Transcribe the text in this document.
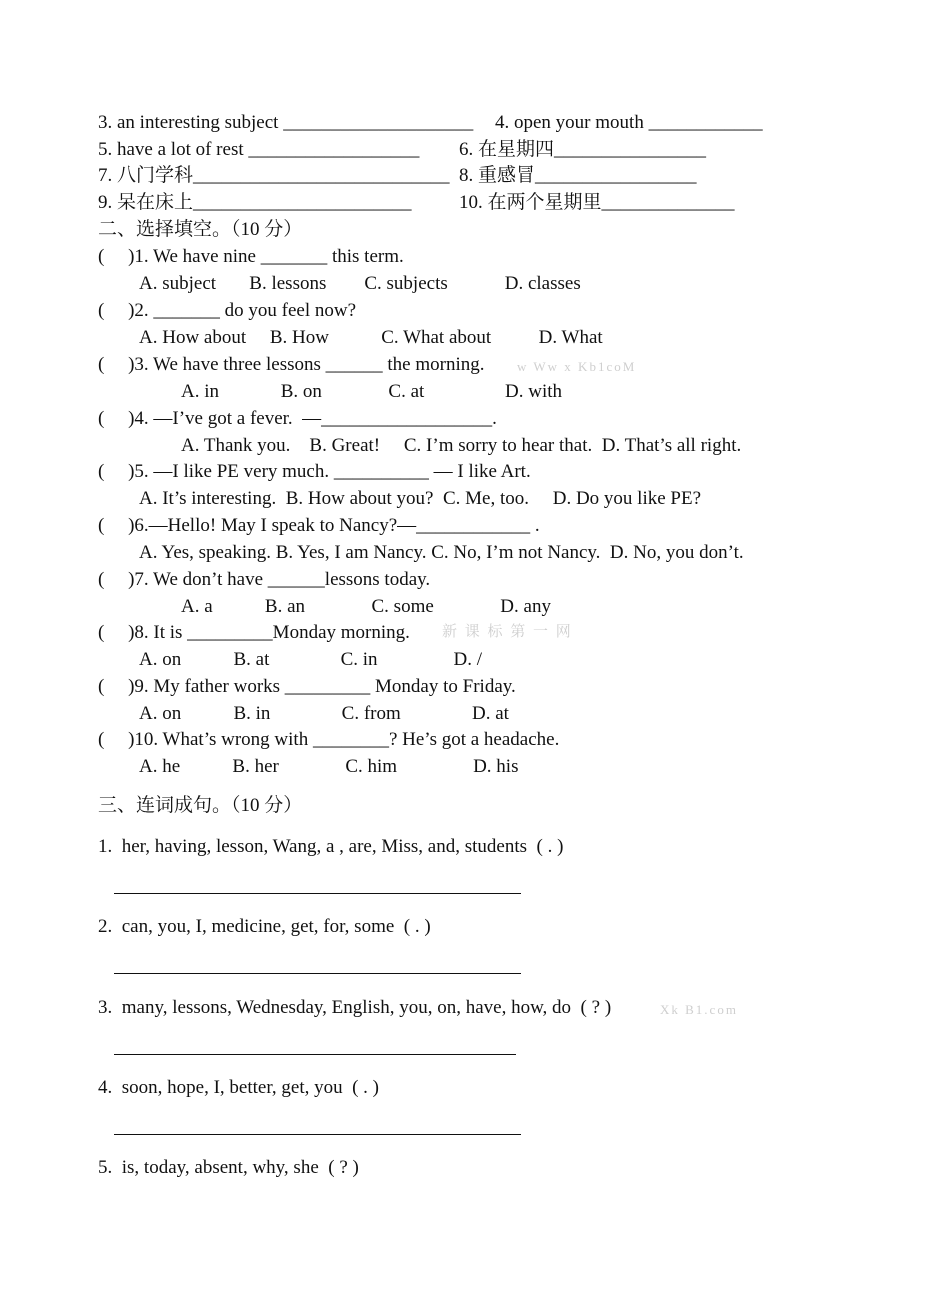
3. an interesting subject ____________________ 4. open your mouth ____________
5. have a lot of rest __________________ 6. 在星期四________________
7. 八门学科___________________________ 8. 重感冒_________________
9. 呆在床上_______________________ 10. 在两个星期里______________
二、选择填空。（10 分）
( )1. We have nine _______ this term.
A. subject       B. lessons        C. subjects            D. classes
( )2. _______ do you feel now?
A. How about     B. How           C. What about          D. What
( )3. We have three lessons ______ the morning.
A. in             B. on              C. at                 D. with
( )4. —I’ve got a fever.  —__________________.
A. Thank you.    B. Great!     C. I’m sorry to hear that.  D. That’s all right.
( )5. —I like PE very much. __________ — I like Art.
A. It’s interesting.  B. How about you?  C. Me, too.     D. Do you like PE?
( )6.—Hello! May I speak to Nancy?—____________ .
A. Yes, speaking. B. Yes, I am Nancy. C. No, I’m not Nancy.  D. No, you don’t.
( )7. We don’t have ______lessons today.
A. a           B. an              C. some              D. any
( )8. It is _________Monday morning.
A. on           B. at               C. in                D. /
( )9. My father works _________ Monday to Friday.
A. on           B. in               C. from               D. at
( )10. What’s wrong with ________? He’s got a headache.
A. he           B. her              C. him                D. his
三、连词成句。（10 分）
1.  her, having, lesson, Wang, a , are, Miss, and, students  ( . )
2.  can, you, I, medicine, get, for, some  ( . )
3.  many, lessons, Wednesday, English, you, on, have, how, do  ( ? )
4.  soon, hope, I, better, get, you  ( . )
5.  is, today, absent, why, she  ( ? )
w Ww x Kb1coM
新 课 标 第 一 网
Xk B1.com
